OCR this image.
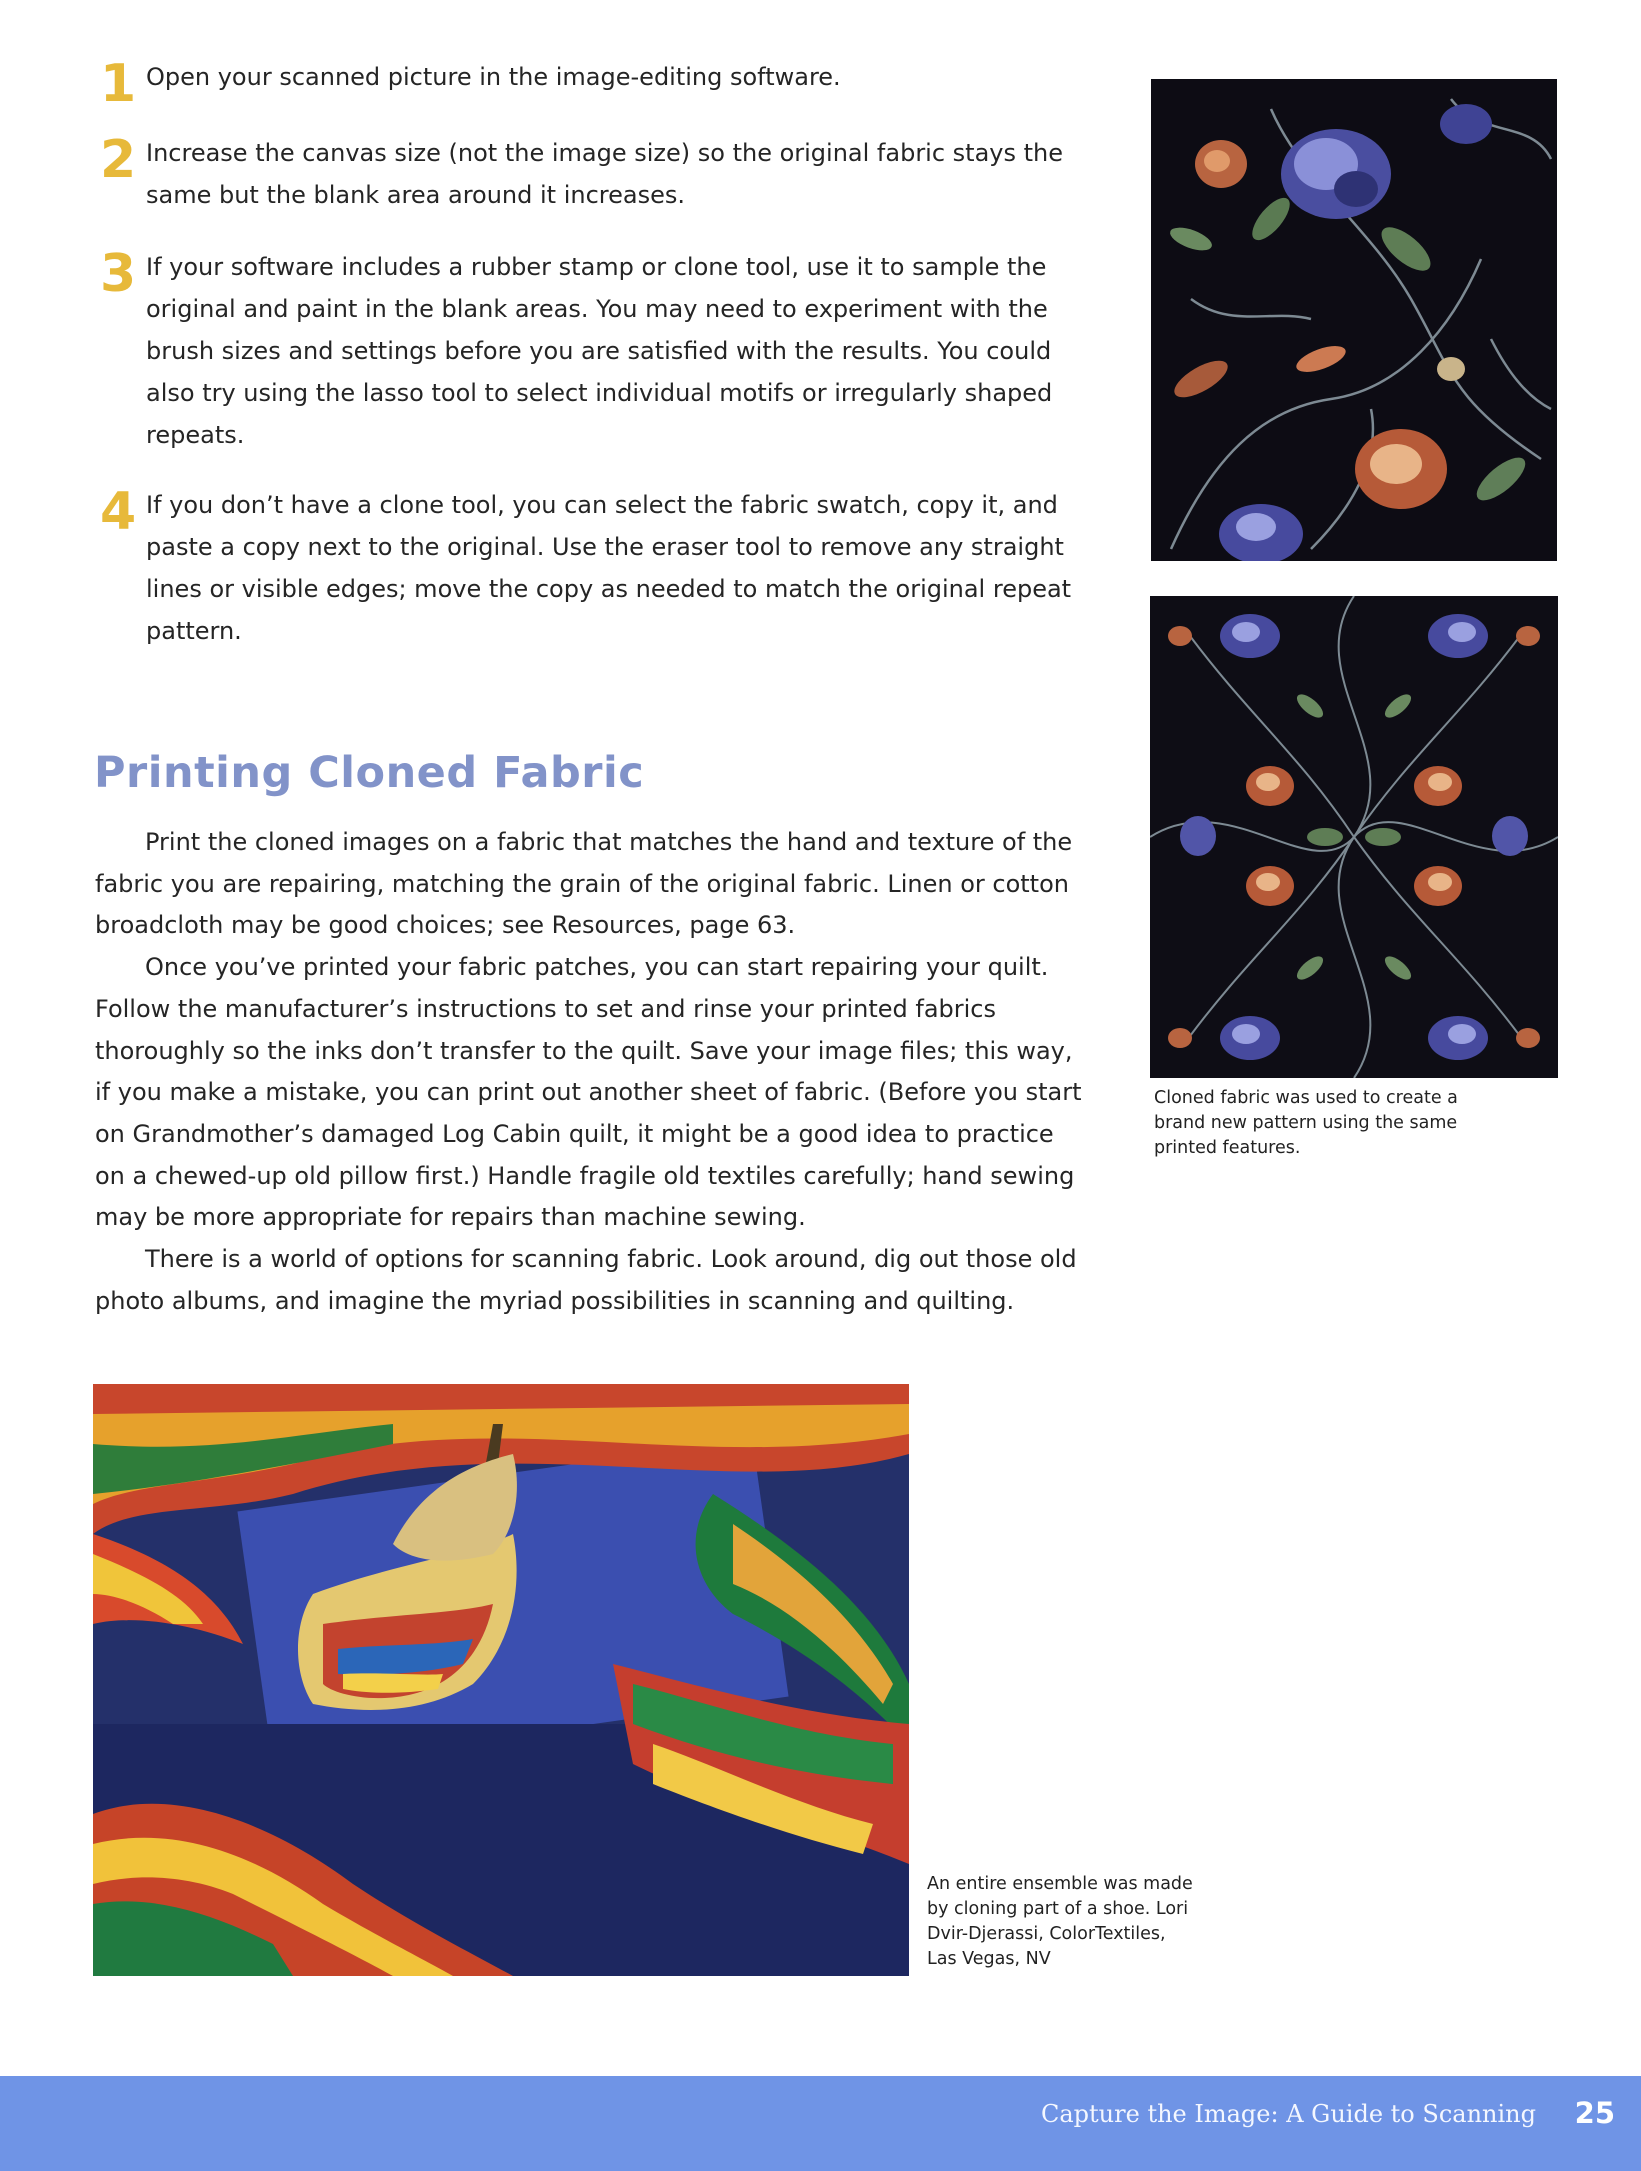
1 Open your scanned picture in the image-editing software.
2 Increase the canvas size (not the image size) so the original fabric stays the same but the blank area around it increases.
3 If your software includes a rubber stamp or clone tool, use it to sample the original and paint in the blank areas. You may need to experiment with the brush sizes and settings before you are satisfied with the results. You could also try using the lasso tool to select individual motifs or irregularly shaped repeats.
4 If you don’t have a clone tool, you can select the fabric swatch, copy it, and paste a copy next to the original. Use the eraser tool to remove any straight lines or visible edges; move the copy as needed to match the original repeat pattern.
Printing Cloned Fabric

Print the cloned images on a fabric that matches the hand and texture of the fabric you are repairing, matching the grain of the original fabric. Linen or cotton broadcloth may be good choices; see Resources, page 63.

Once you’ve printed your fabric patches, you can start repairing your quilt. Follow the manufacturer’s instructions to set and rinse your printed fabrics thoroughly so the inks don’t transfer to the quilt. Save your image files; this way, if you make a mistake, you can print out another sheet of fabric. (Before you start on Grandmother’s damaged Log Cabin quilt, it might be a good idea to practice on a chewed-up old pillow first.) Handle fragile old textiles carefully; hand sewing may be more appropriate for repairs than machine sewing.

There is a world of options for scanning fabric. Look around, dig out those old photo albums, and imagine the myriad possibilities in scanning and quilting.

Cloned fabric was used to create a brand new pattern using the same printed features.

An entire ensemble was made by cloning part of a shoe. Lori Dvir-Djerassi, ColorTextiles, Las Vegas, NV

Capture the Image: A Guide to Scanning 25
